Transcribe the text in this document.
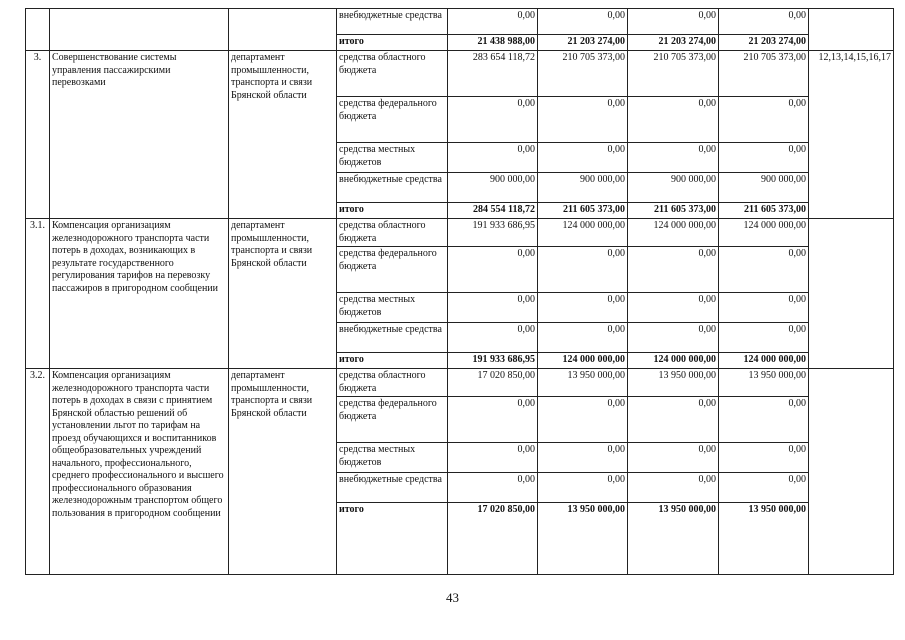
			внебюджетные средства	0,00	0,00	0,00	0,00	
			итого	21 438 988,00	21 203 274,00	21 203 274,00	21 203 274,00	
3.	Совершенствование системы управления пассажирскими перевозками	департамент промышленности, транспорта и связи Брянской области	средства областного бюджета	283 654 118,72	210 705 373,00	210 705 373,00	210 705 373,00	12,13,14,15,16,17
			средства федерального бюджета	0,00	0,00	0,00	0,00	
			средства местных бюджетов	0,00	0,00	0,00	0,00	
			внебюджетные средства	900 000,00	900 000,00	900 000,00	900 000,00	
			итого	284 554 118,72	211 605 373,00	211 605 373,00	211 605 373,00	
3.1.	Компенсация организациям железнодорожного транспорта части потерь в доходах, возникающих в результате государственного регулирования тарифов на перевозку пассажиров в пригородном сообщении	департамент промышленности, транспорта и связи Брянской области	средства областного бюджета	191 933 686,95	124 000 000,00	124 000 000,00	124 000 000,00	
			средства федерального бюджета	0,00	0,00	0,00	0,00	
			средства местных бюджетов	0,00	0,00	0,00	0,00	
			внебюджетные средства	0,00	0,00	0,00	0,00	
			итого	191 933 686,95	124 000 000,00	124 000 000,00	124 000 000,00	
3.2.	Компенсация организациям железнодорожного транспорта части потерь в доходах в связи с принятием Брянской областью решений об установлении льгот по тарифам на проезд обучающихся и воспитанников общеобразовательных учреждений начального, профессионального, среднего профессионального и высшего профессионального образования железнодорожным транспортом общего пользования в пригородном сообщении	департамент промышленности, транспорта и связи Брянской области	средства областного бюджета	17 020 850,00	13 950 000,00	13 950 000,00	13 950 000,00	
			средства федерального бюджета	0,00	0,00	0,00	0,00	
			средства местных бюджетов	0,00	0,00	0,00	0,00	
			внебюджетные средства	0,00	0,00	0,00	0,00	
			итого	17 020 850,00	13 950 000,00	13 950 000,00	13 950 000,00	
43
